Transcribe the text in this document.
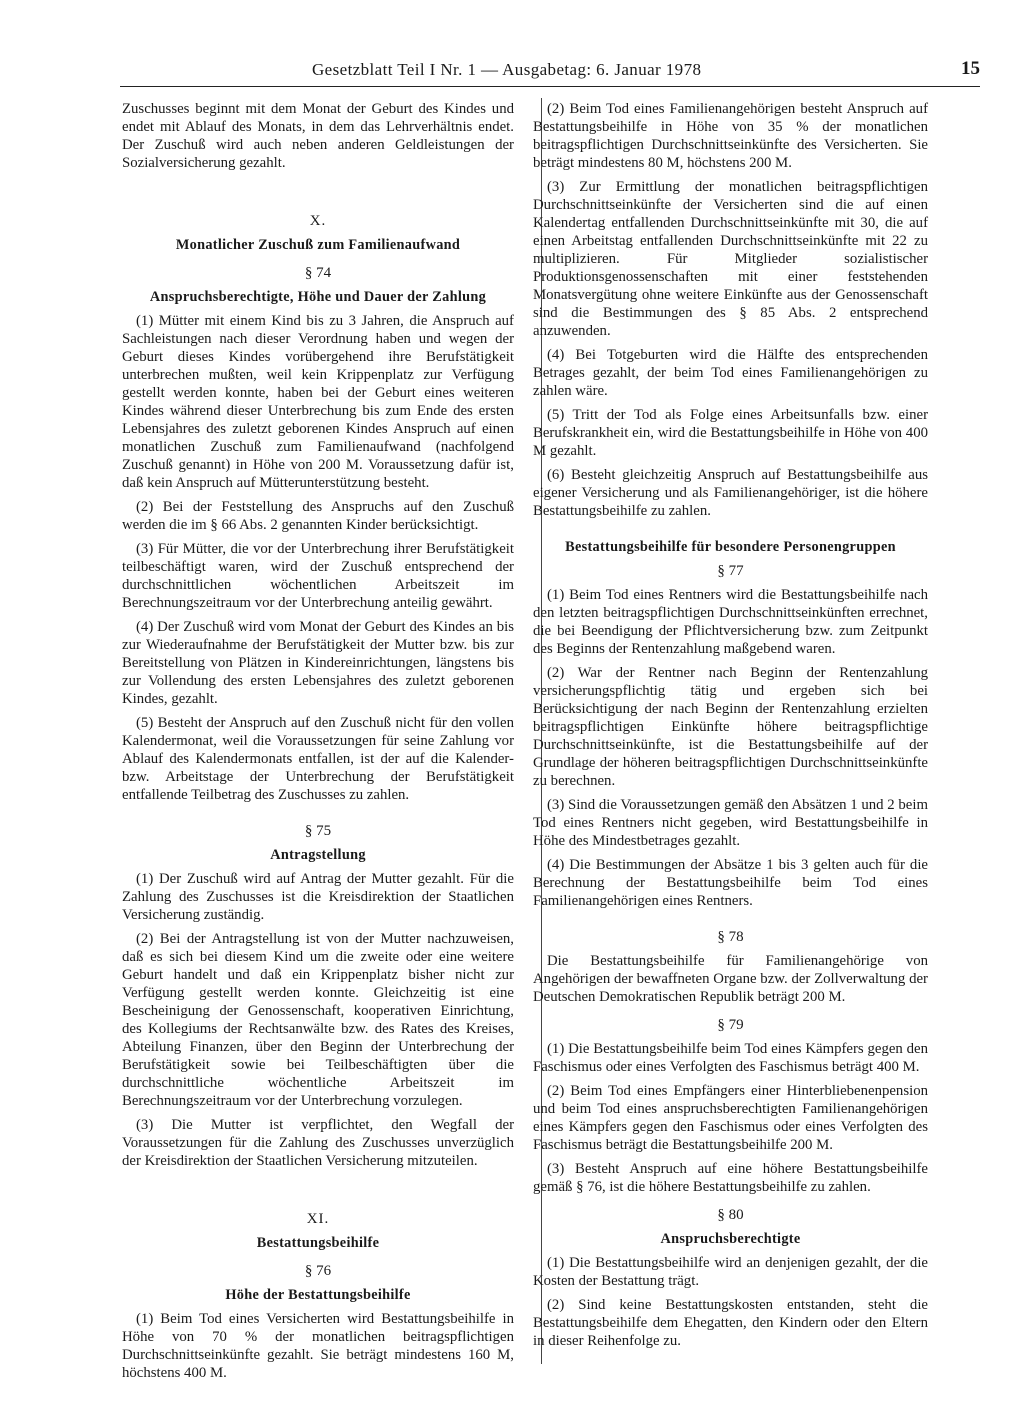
Gesetzblatt Teil I Nr. 1 — Ausgabetag: 6. Januar 1978	15

Zuschusses beginnt mit dem Monat der Geburt des Kindes und endet mit Ablauf des Monats, in dem das Lehrverhältnis endet. Der Zuschuß wird auch neben anderen Geldleistungen der Sozialversicherung gezahlt.

X.

Monatlicher Zuschuß zum Familienaufwand

§ 74

Anspruchsberechtigte, Höhe und Dauer der Zahlung

(1) Mütter mit einem Kind bis zu 3 Jahren, die Anspruch auf Sachleistungen nach dieser Verordnung haben und wegen der Geburt dieses Kindes vorübergehend ihre Berufstätigkeit unterbrechen mußten, weil kein Krippenplatz zur Verfügung gestellt werden konnte, haben bei der Geburt eines weiteren Kindes während dieser Unterbrechung bis zum Ende des ersten Lebensjahres des zuletzt geborenen Kindes Anspruch auf einen monatlichen Zuschuß zum Familienaufwand (nachfolgend Zuschuß genannt) in Höhe von 200 M. Voraussetzung dafür ist, daß kein Anspruch auf Mütterunterstützung besteht.

(2) Bei der Feststellung des Anspruchs auf den Zuschuß werden die im § 66 Abs. 2 genannten Kinder berücksichtigt.

(3) Für Mütter, die vor der Unterbrechung ihrer Berufstätigkeit teilbeschäftigt waren, wird der Zuschuß entsprechend der durchschnittlichen wöchentlichen Arbeitszeit im Berechnungszeitraum vor der Unterbrechung anteilig gewährt.

(4) Der Zuschuß wird vom Monat der Geburt des Kindes an bis zur Wiederaufnahme der Berufstätigkeit der Mutter bzw. bis zur Bereitstellung von Plätzen in Kindereinrichtungen, längstens bis zur Vollendung des ersten Lebensjahres des zuletzt geborenen Kindes, gezahlt.

(5) Besteht der Anspruch auf den Zuschuß nicht für den vollen Kalendermonat, weil die Voraussetzungen für seine Zahlung vor Ablauf des Kalendermonats entfallen, ist der auf die Kalender- bzw. Arbeitstage der Unterbrechung der Berufstätigkeit entfallende Teilbetrag des Zuschusses zu zahlen.

§ 75

Antragstellung

(1) Der Zuschuß wird auf Antrag der Mutter gezahlt. Für die Zahlung des Zuschusses ist die Kreisdirektion der Staatlichen Versicherung zuständig.

(2) Bei der Antragstellung ist von der Mutter nachzuweisen, daß es sich bei diesem Kind um die zweite oder eine weitere Geburt handelt und daß ein Krippenplatz bisher nicht zur Verfügung gestellt werden konnte. Gleichzeitig ist eine Bescheinigung der Genossenschaft, kooperativen Einrichtung, des Kollegiums der Rechtsanwälte bzw. des Rates des Kreises, Abteilung Finanzen, über den Beginn der Unterbrechung der Berufstätigkeit sowie bei Teilbeschäftigten über die durchschnittliche wöchentliche Arbeitszeit im Berechnungszeitraum vor der Unterbrechung vorzulegen.

(3) Die Mutter ist verpflichtet, den Wegfall der Voraussetzungen für die Zahlung des Zuschusses unverzüglich der Kreisdirektion der Staatlichen Versicherung mitzuteilen.

XI.

Bestattungsbeihilfe

§ 76

Höhe der Bestattungsbeihilfe

(1) Beim Tod eines Versicherten wird Bestattungsbeihilfe in Höhe von 70 % der monatlichen beitragspflichtigen Durchschnittseinkünfte gezahlt. Sie beträgt mindestens 160 M, höchstens 400 M.

(2) Beim Tod eines Familienangehörigen besteht Anspruch auf Bestattungsbeihilfe in Höhe von 35 % der monatlichen beitragspflichtigen Durchschnittseinkünfte des Versicherten. Sie beträgt mindestens 80 M, höchstens 200 M.

(3) Zur Ermittlung der monatlichen beitragspflichtigen Durchschnittseinkünfte der Versicherten sind die auf einen Kalendertag entfallenden Durchschnittseinkünfte mit 30, die auf einen Arbeitstag entfallenden Durchschnittseinkünfte mit 22 zu multiplizieren. Für Mitglieder sozialistischer Produktionsgenossenschaften mit einer feststehenden Monatsvergütung ohne weitere Einkünfte aus der Genossenschaft sind die Bestimmungen des § 85 Abs. 2 entsprechend anzuwenden.

(4) Bei Totgeburten wird die Hälfte des entsprechenden Betrages gezahlt, der beim Tod eines Familienangehörigen zu zahlen wäre.

(5) Tritt der Tod als Folge eines Arbeitsunfalls bzw. einer Berufskrankheit ein, wird die Bestattungsbeihilfe in Höhe von 400 M gezahlt.

(6) Besteht gleichzeitig Anspruch auf Bestattungsbeihilfe aus eigener Versicherung und als Familienangehöriger, ist die höhere Bestattungsbeihilfe zu zahlen.

Bestattungsbeihilfe für besondere Personengruppen

§ 77

(1) Beim Tod eines Rentners wird die Bestattungsbeihilfe nach den letzten beitragspflichtigen Durchschnittseinkünften errechnet, die bei Beendigung der Pflichtversicherung bzw. zum Zeitpunkt des Beginns der Rentenzahlung maßgebend waren.

(2) War der Rentner nach Beginn der Rentenzahlung versicherungspflichtig tätig und ergeben sich bei Berücksichtigung der nach Beginn der Rentenzahlung erzielten beitragspflichtigen Einkünfte höhere beitragspflichtige Durchschnittseinkünfte, ist die Bestattungsbeihilfe auf der Grundlage der höheren beitragspflichtigen Durchschnittseinkünfte zu berechnen.

(3) Sind die Voraussetzungen gemäß den Absätzen 1 und 2 beim Tod eines Rentners nicht gegeben, wird Bestattungsbeihilfe in Höhe des Mindestbetrages gezahlt.

(4) Die Bestimmungen der Absätze 1 bis 3 gelten auch für die Berechnung der Bestattungsbeihilfe beim Tod eines Familienangehörigen eines Rentners.

§ 78

Die Bestattungsbeihilfe für Familienangehörige von Angehörigen der bewaffneten Organe bzw. der Zollverwaltung der Deutschen Demokratischen Republik beträgt 200 M.

§ 79

(1) Die Bestattungsbeihilfe beim Tod eines Kämpfers gegen den Faschismus oder eines Verfolgten des Faschismus beträgt 400 M.

(2) Beim Tod eines Empfängers einer Hinterbliebenenpension und beim Tod eines anspruchsberechtigten Familienangehörigen eines Kämpfers gegen den Faschismus oder eines Verfolgten des Faschismus beträgt die Bestattungsbeihilfe 200 M.

(3) Besteht Anspruch auf eine höhere Bestattungsbeihilfe gemäß § 76, ist die höhere Bestattungsbeihilfe zu zahlen.

§ 80

Anspruchsberechtigte

(1) Die Bestattungsbeihilfe wird an denjenigen gezahlt, der die Kosten der Bestattung trägt.

(2) Sind keine Bestattungskosten entstanden, steht die Bestattungsbeihilfe dem Ehegatten, den Kindern oder den Eltern in dieser Reihenfolge zu.
